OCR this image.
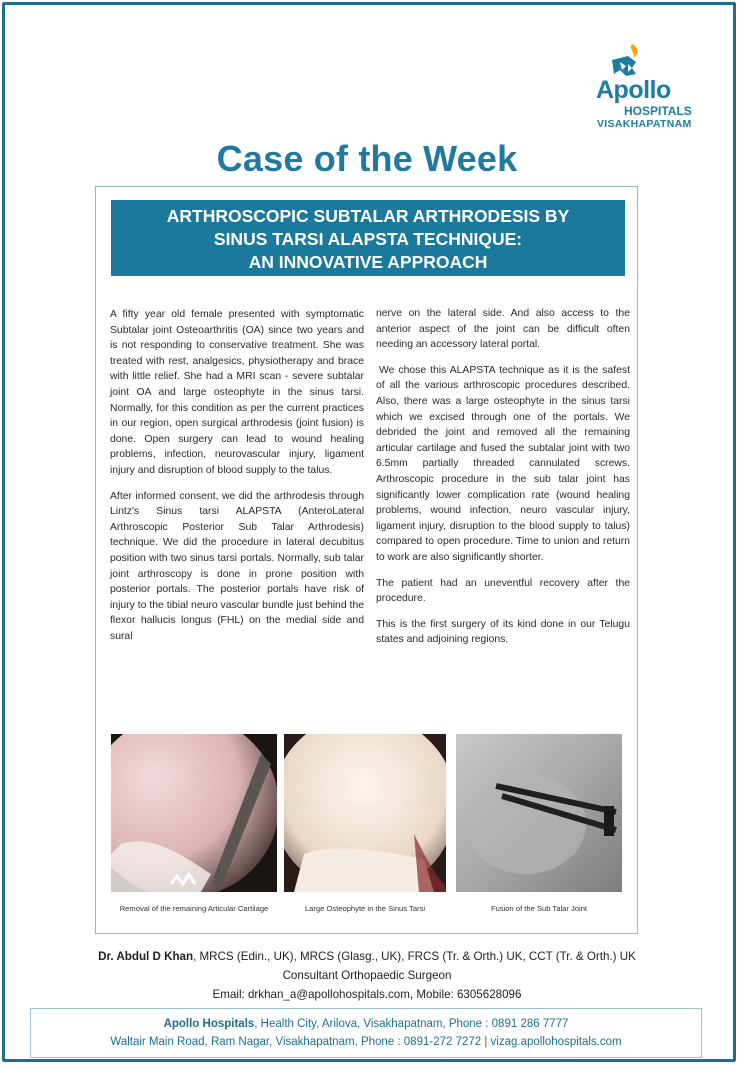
Apollo
HOSPITALS
VISAKHAPATNAM
Case of the Week
ARTHROSCOPIC SUBTALAR ARTHRODESIS BY
SINUS TARSI ALAPSTA TECHNIQUE:
AN INNOVATIVE APPROACH

A fifty year old female presented with symptomatic Subtalar joint Osteoarthritis (OA) since two years and is not responding to conservative treatment. She was treated with rest, analgesics, physiotherapy and brace with little relief. She had a MRI scan - severe subtalar joint OA and large osteophyte in the sinus tarsi. Normally, for this condition as per the current practices in our region, open surgical arthrodesis (joint fusion) is done. Open surgery can lead to wound healing problems, infection, neurovascular injury, ligament injury and disruption of blood supply to the talus.

After informed consent, we did the arthrodesis through Lintz's Sinus tarsi ALAPSTA (AnteroLateral Arthroscopic Posterior Sub Talar Arthrodesis) technique. We did the procedure in lateral decubitus position with two sinus tarsi portals. Normally, sub talar joint arthroscopy is done in prone position with posterior portals. The posterior portals have risk of injury to the tibial neuro vascular bundle just behind the flexor hallucis longus (FHL) on the medial side and sural

nerve on the lateral side. And also access to the anterior aspect of the joint can be difficult often needing an accessory lateral portal.

We chose this ALAPSTA technique as it is the safest of all the various arthroscopic procedures described. Also, there was a large osteophyte in the sinus tarsi which we excised through one of the portals. We debrided the joint and removed all the remaining articular cartilage and fused the subtalar joint with two 6.5mm partially threaded cannulated screws. Arthroscopic procedure in the sub talar joint has significantly lower complication rate (wound healing problems, wound infection, neuro vascular injury, ligament injury, disruption to the blood supply to talus) compared to open procedure. Time to union and return to work are also significantly shorter.

The patient had an uneventful recovery after the procedure.

This is the first surgery of its kind done in our Telugu states and adjoining regions.

Removal of the remaining Articular Cartilage	Large Osteophyte in the Sinus Tarsi	Fusion of the Sub Talar Joint
Dr. Abdul D Khan, MRCS (Edin., UK), MRCS (Glasg., UK), FRCS (Tr. & Orth.) UK, CCT (Tr. & Orth.) UK
Consultant Orthopaedic Surgeon
Email: drkhan_a@apollohospitals.com, Mobile: 6305628096
Apollo Hospitals, Health City, Arilova, Visakhapatnam, Phone : 0891 286 7777
Waltair Main Road, Ram Nagar, Visakhapatnam, Phone : 0891-272 7272 | vizag.apollohospitals.com
